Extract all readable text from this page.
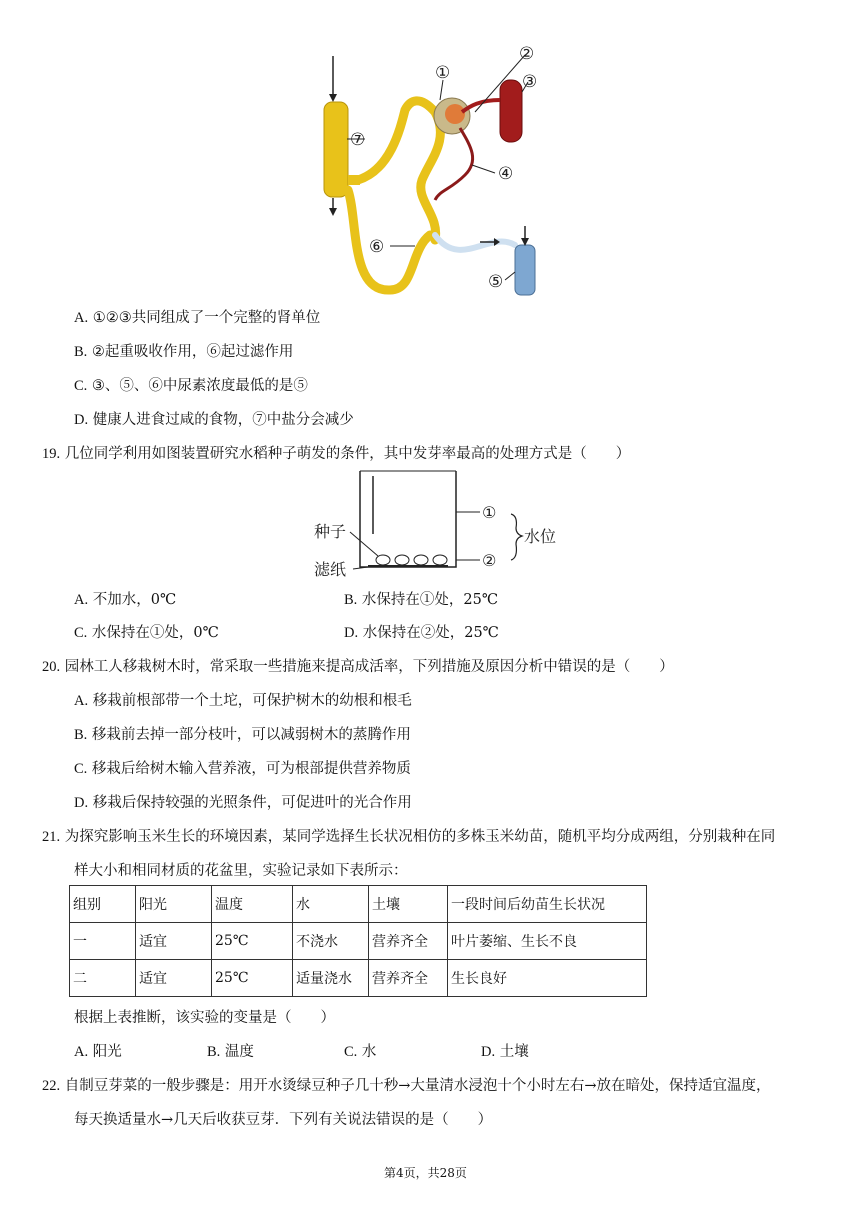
①
②
③
④
⑤
⑥
⑦
A. ①②③共同组成了一个完整的肾单位
B. ②起重吸收作用，⑥起过滤作用
C. ③、⑤、⑥中尿素浓度最低的是⑤
D. 健康人进食过咸的食物，⑦中盐分会减少
19. 几位同学利用如图装置研究水稻种子萌发的条件，其中发芽率最高的处理方式是（　　）
①
②
水位
种子
滤纸
A. 不加水，0℃	B. 水保持在①处，25℃
C. 水保持在①处，0℃	D. 水保持在②处，25℃
20. 园林工人移栽树木时，常采取一些措施来提高成活率，下列措施及原因分析中错误的是（　　）
A. 移栽前根部带一个土坨，可保护树木的幼根和根毛
B. 移栽前去掉一部分枝叶，可以减弱树木的蒸腾作用
C. 移栽后给树木输入营养液，可为根部提供营养物质
D. 移栽后保持较强的光照条件，可促进叶的光合作用
21. 为探究影响玉米生长的环境因素，某同学选择生长状况相仿的多株玉米幼苗，随机平均分成两组，分别栽种在同
样大小和相同材质的花盆里，实验记录如下表所示：
组别	阳光	温度	水	土壤	一段时间后幼苗生长状况
一	适宜	25℃	不浇水	营养齐全	叶片萎缩、生长不良
二	适宜	25℃	适量浇水	营养齐全	生长良好
根据上表推断，该实验的变量是（　　）
A. 阳光	B. 温度	C. 水	D. 土壤
22. 自制豆芽菜的一般步骤是：用开水烫绿豆种子几十秒→大量清水浸泡十个小时左右→放在暗处，保持适宜温度，
每天换适量水→几天后收获豆芽．下列有关说法错误的是（　　）
第4页，共28页
